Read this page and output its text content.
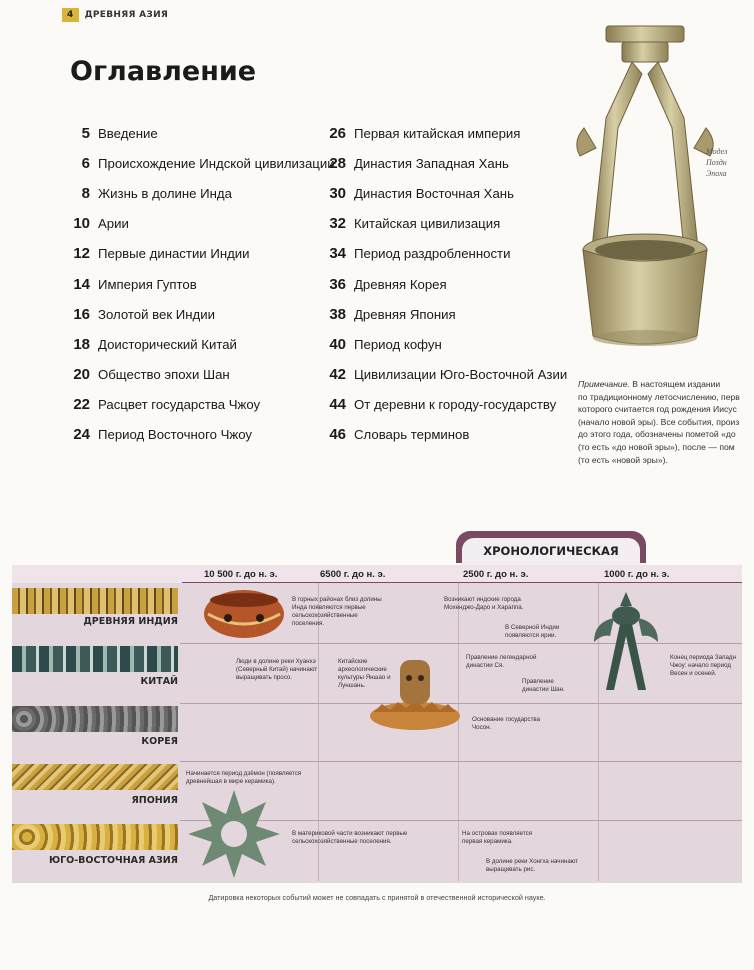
4	ДРЕВНЯЯ АЗИЯ
Оглавление
5 Введение
6 Происхождение Индской цивилизации
8 Жизнь в долине Инда
10 Арии
12 Первые династии Индии
14 Империя Гуптов
16 Золотой век Индии
18 Доисторический Китай
20 Общество эпохи Шан
22 Расцвет государства Чжоу
24 Период Восточного Чжоу
26 Первая китайская империя
28 Династия Западная Хань
30 Династия Восточная Хань
32 Китайская цивилизация
34 Период раздробленности
36 Древняя Корея
38 Древняя Япония
40 Период кофун
42 Цивилизации Юго-Восточной Азии
44 От деревни к городу-государству
46 Словарь терминов
Модел
Поздн
Эпоха
Примечание. В настоящем издании
по традиционному летосчислению, перв
которого считается год рождения Иисус
(начало новой эры). Все события, произ
до этого года, обозначены пометой «до
(то есть «до новой эры»), после — пом
(то есть «новой эры»).
ХРОНОЛОГИЧЕСКАЯ
10 500 г. до н. э.	6500 г. до н. э.	2500 г. до н. э.	1000 г. до н. э.
ДРЕВНЯЯ ИНДИЯ
КИТАЙ
КОРЕЯ
ЯПОНИЯ
ЮГО-ВОСТОЧНАЯ АЗИЯ
В горных районах близ долины Инда появляются первые сельскохозяйственные поселения.
Возникают индские города Мохенджо-Даро и Хараппа.
В Северной Индии появляются ирии.
Люди в долине реки Хуанхэ (Северный Китай) начинают выращивать просо.
Китайские археологические культуры Яншао и Луншань.
Правление легендарной династии Ся.
Правление династии Шан.
Конец периода Западн Чжоу: начало период Весен и осеней.
Основание государства Чосон.
Начинается период дзёмон (появляется древнейшая в мире керамика).
В материковой части возникают первые сельскохозяйственные поселения.
На островах появляется первая керамика.
В долине реки Хонгха начинают выращивать рис.
Датировка некоторых событий может не совпадать с принятой в отечественной исторической науке.
